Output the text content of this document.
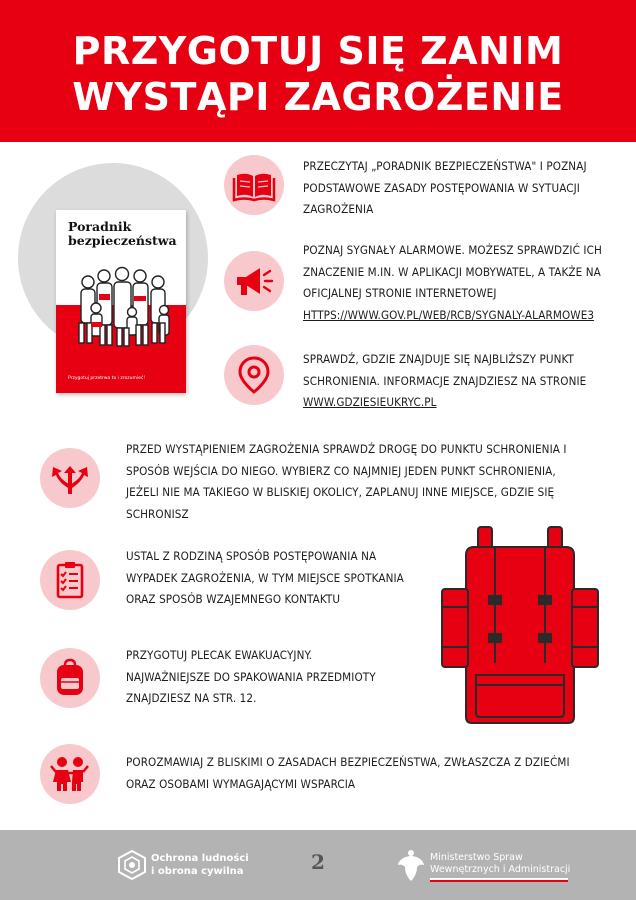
PRZYGOTUJ SIĘ ZANIM
WYSTĄPI ZAGROŻENIE
Poradnik
bezpieczeństwa
Przygotuj przetrwa to i zrozumieć!
PRZECZYTAJ „PORADNIK BEZPIECZEŃSTWA" I POZNAJ
PODSTAWOWE ZASADY POSTĘPOWANIA W SYTUACJI
ZAGROŻENIA
POZNAJ SYGNAŁY ALARMOWE. MOŻESZ SPRAWDZIĆ ICH
ZNACZENIE M.IN. W APLIKACJI MOBYWATEL, A TAKŻE NA
OFICJALNEJ STRONIE INTERNETOWEJ
HTTPS://WWW.GOV.PL/WEB/RCB/SYGNALY-ALARMOWE3
SPRAWDŹ, GDZIE ZNAJDUJE SIĘ NAJBLIŻSZY PUNKT
SCHRONIENIA. INFORMACJE ZNAJDZIESZ NA STRONIE
WWW.GDZIESIEUKRYC.PL
PRZED WYSTĄPIENIEM ZAGROŻENIA SPRAWDŹ DROGĘ DO PUNKTU SCHRONIENIA I
SPOSÓB WEJŚCIA DO NIEGO. WYBIERZ CO NAJMNIEJ JEDEN PUNKT SCHRONIENIA,
JEŻELI NIE MA TAKIEGO W BLISKIEJ OKOLICY, ZAPLANUJ INNE MIEJSCE, GDZIE SIĘ
SCHRONISZ
USTAL Z RODZINĄ SPOSÓB POSTĘPOWANIA NA
WYPADEK ZAGROŻENIA, W TYM MIEJSCE SPOTKANIA
ORAZ SPOSÓB WZAJEMNEGO KONTAKTU
PRZYGOTUJ PLECAK EWAKUACYJNY.
NAJWAŻNIEJSZE DO SPAKOWANIA PRZEDMIOTY
ZNAJDZIESZ NA STR. 12.
POROZMAWIAJ Z BLISKIMI O ZASADACH BEZPIECZEŃSTWA, ZWŁASZCZA Z DZIEĆMI
ORAZ OSOBAMI WYMAGAJĄCYMI WSPARCIA
Ochrona ludności
i obrona cywilna	2	Ministerstwo Spraw
Wewnętrznych i Administracji
